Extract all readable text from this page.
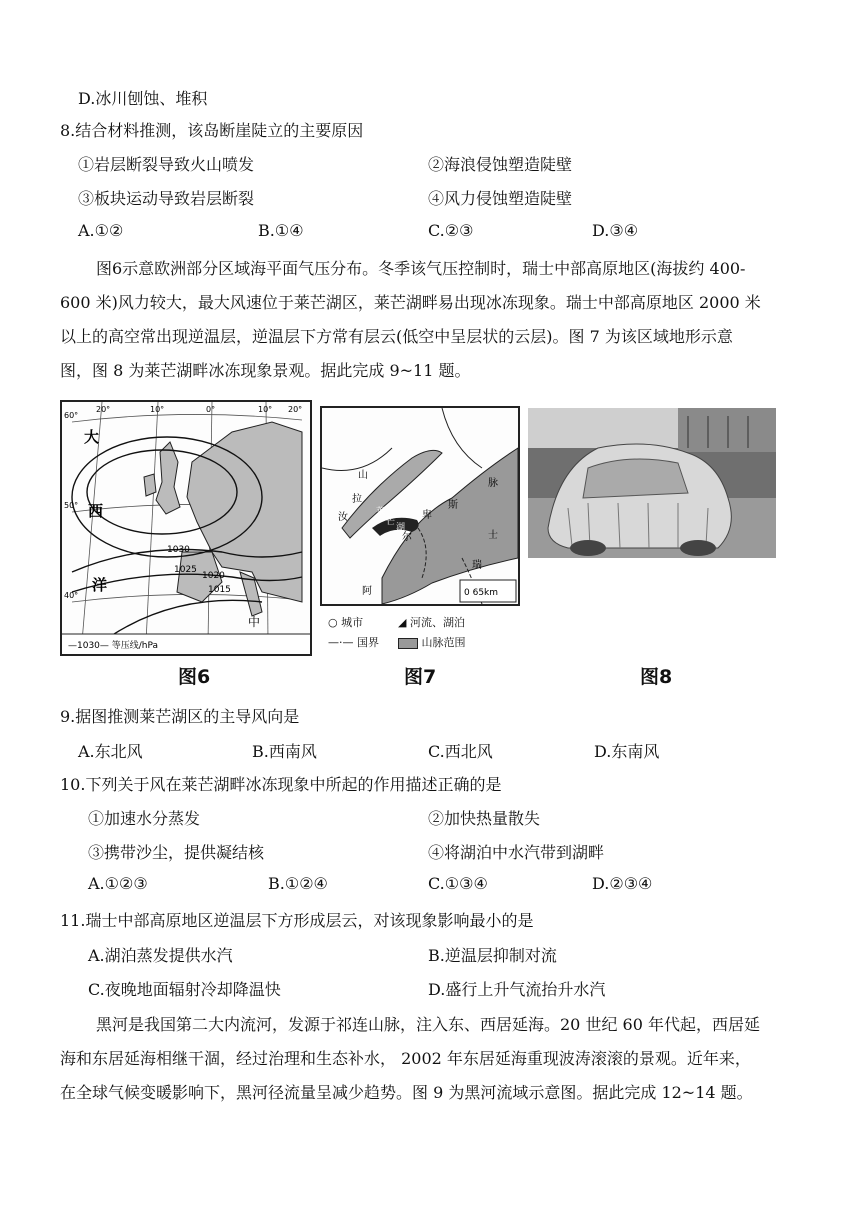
D.冰川刨蚀、堆积
8.结合材料推测，该岛断崖陡立的主要原因
①岩层断裂导致火山喷发	②海浪侵蚀塑造陡壁
③板块运动导致岩层断裂	④风力侵蚀塑造陡壁
A.①②	B.①④	C.②③	D.③④
图6示意欧洲部分区域海平面气压分布。冬季该气压控制时，瑞士中部高原地区(海拔约 400-
600 米)风力较大，最大风速位于莱芒湖区，莱芒湖畔易出现冰冻现象。瑞士中部高原地区 2000 米
以上的高空常出现逆温层，逆温层下方常有层云(低空中呈层状的云层)。图 7 为该区域地形示意
图，图 8 为莱芒湖畔冰冻现象景观。据此完成 9~11 题。
60°
50°
40°
20°	10°	0°	10° 20°
大
西
洋
中
1030
1025
1020
1015
—1030— 等压线/hPa
山
脉
阿
尔
卑
斯
汝
拉
莱
芒
湖
瑞
士
0 65km
○ 城市	◢ 河流、湖泊
—·— 国界	山脉范围
图6	图7	图8
9.据图推测莱芒湖区的主导风向是
A.东北风	B.西南风	C.西北风	D.东南风
10.下列关于风在莱芒湖畔冰冻现象中所起的作用描述正确的是
①加速水分蒸发	②加快热量散失
③携带沙尘，提供凝结核	④将湖泊中水汽带到湖畔
A.①②③	B.①②④	C.①③④	D.②③④
11.瑞士中部高原地区逆温层下方形成层云，对该现象影响最小的是
A.湖泊蒸发提供水汽	B.逆温层抑制对流
C.夜晚地面辐射冷却降温快	D.盛行上升气流抬升水汽
黑河是我国第二大内流河，发源于祁连山脉，注入东、西居延海。20 世纪 60 年代起，西居延
海和东居延海相继干涸，经过治理和生态补水， 2002 年东居延海重现波涛滚滚的景观。近年来，
在全球气候变暖影响下，黑河径流量呈减少趋势。图 9 为黑河流域示意图。据此完成 12~14 题。
